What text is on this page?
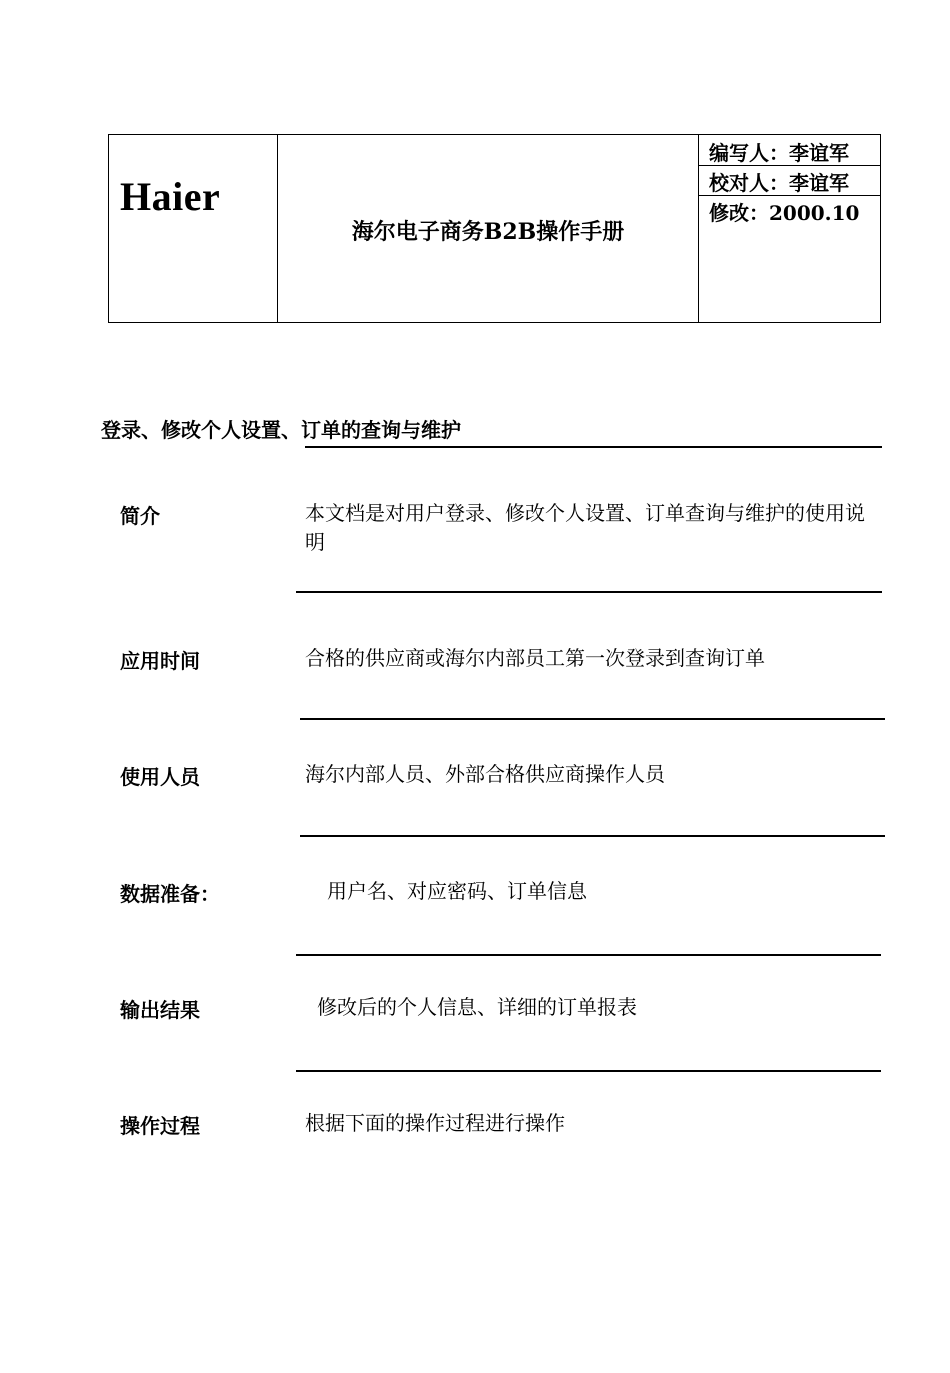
Haier

海尔电子商务B2B操作手册

编写人：李谊军
校对人：李谊军
修改：2000.10
登录、修改个人设置、订单的查询与维护
简介	本文档是对用户登录、修改个人设置、订单查询与维护的使用说明
应用时间	合格的供应商或海尔内部员工第一次登录到查询订单
使用人员	海尔内部人员、外部合格供应商操作人员
数据准备：	用户名、对应密码、订单信息
输出结果	修改后的个人信息、详细的订单报表
操作过程	根据下面的操作过程进行操作
